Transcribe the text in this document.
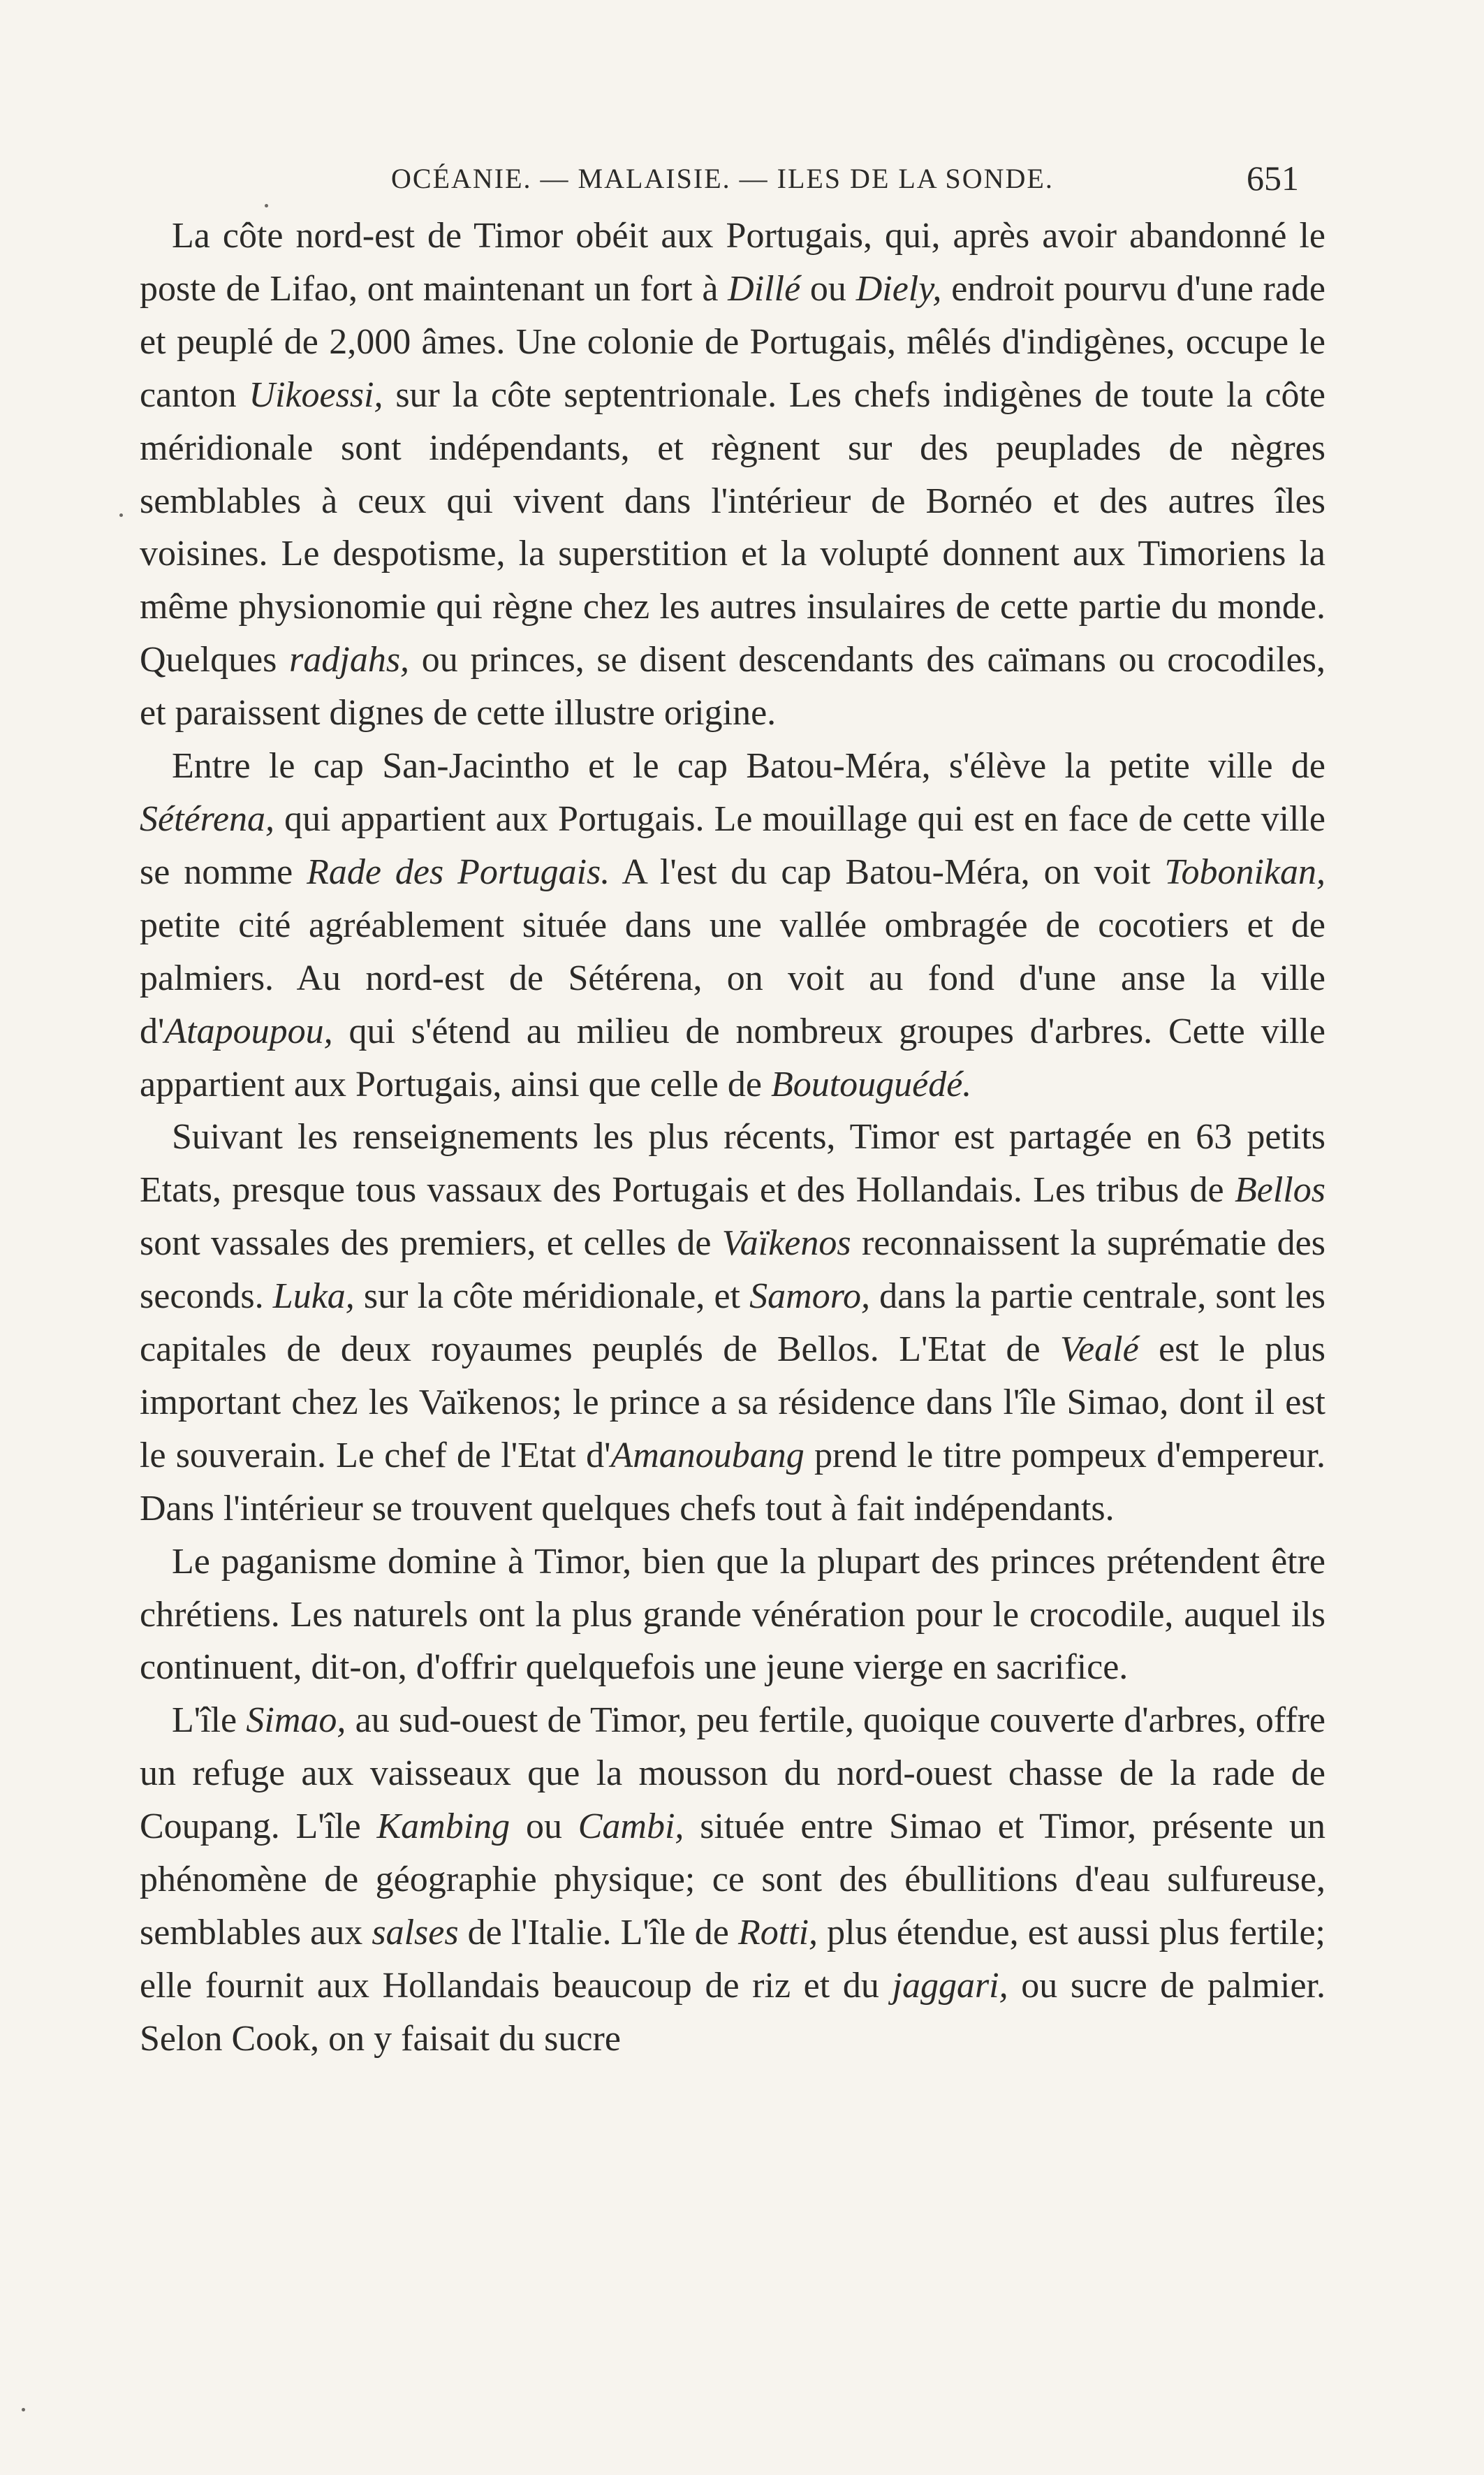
OCÉANIE. — MALAISIE. — ILES DE LA SONDE.	651

La côte nord-est de Timor obéit aux Portugais, qui, après avoir abandonné le poste de Lifao, ont maintenant un fort à Dillé ou Diely, endroit pourvu d'une rade et peuplé de 2,000 âmes. Une colonie de Portugais, mêlés d'indigènes, occupe le canton Uikoessi, sur la côte septentrionale. Les chefs indigènes de toute la côte méridionale sont indépendants, et règnent sur des peuplades de nègres semblables à ceux qui vivent dans l'intérieur de Bornéo et des autres îles voisines. Le despotisme, la superstition et la volupté donnent aux Timoriens la même physionomie qui règne chez les autres insulaires de cette partie du monde. Quelques radjahs, ou princes, se disent descendants des caïmans ou crocodiles, et paraissent dignes de cette illustre origine.

Entre le cap San-Jacintho et le cap Batou-Méra, s'élève la petite ville de Sétérena, qui appartient aux Portugais. Le mouillage qui est en face de cette ville se nomme Rade des Portugais. A l'est du cap Batou-Méra, on voit Tobonikan, petite cité agréablement située dans une vallée ombragée de cocotiers et de palmiers. Au nord-est de Sétérena, on voit au fond d'une anse la ville d'Atapoupou, qui s'étend au milieu de nombreux groupes d'arbres. Cette ville appartient aux Portugais, ainsi que celle de Boutouguédé.

Suivant les renseignements les plus récents, Timor est partagée en 63 petits Etats, presque tous vassaux des Portugais et des Hollandais. Les tribus de Bellos sont vassales des premiers, et celles de Vaïkenos reconnaissent la suprématie des seconds. Luka, sur la côte méridionale, et Samoro, dans la partie centrale, sont les capitales de deux royaumes peuplés de Bellos. L'Etat de Vealé est le plus important chez les Vaïkenos; le prince a sa résidence dans l'île Simao, dont il est le souverain. Le chef de l'Etat d'Amanoubang prend le titre pompeux d'empereur. Dans l'intérieur se trouvent quelques chefs tout à fait indépendants.

Le paganisme domine à Timor, bien que la plupart des princes prétendent être chrétiens. Les naturels ont la plus grande vénération pour le crocodile, auquel ils continuent, dit-on, d'offrir quelquefois une jeune vierge en sacrifice.

L'île Simao, au sud-ouest de Timor, peu fertile, quoique couverte d'arbres, offre un refuge aux vaisseaux que la mousson du nord-ouest chasse de la rade de Coupang. L'île Kambing ou Cambi, située entre Simao et Timor, présente un phénomène de géographie physique; ce sont des ébullitions d'eau sulfureuse, semblables aux salses de l'Italie. L'île de Rotti, plus étendue, est aussi plus fertile; elle fournit aux Hollandais beaucoup de riz et du jaggari, ou sucre de palmier. Selon Cook, on y faisait du sucre
